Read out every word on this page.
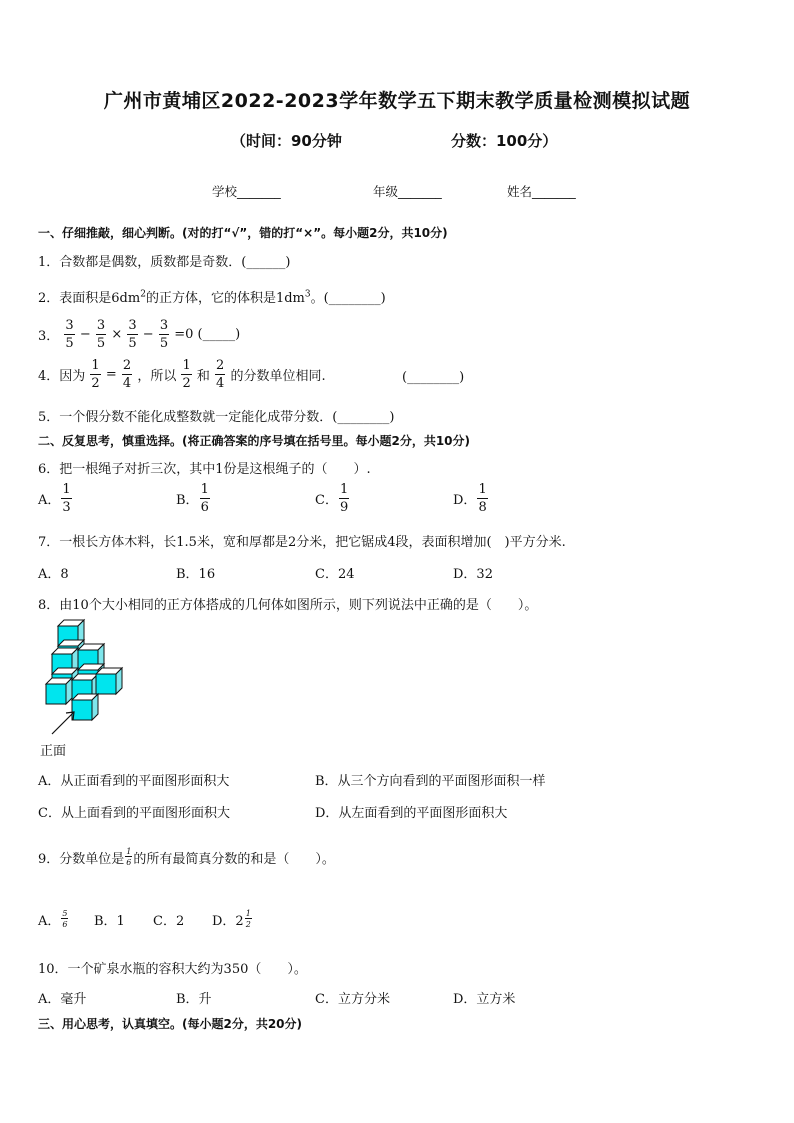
广州市黄埔区2022-2023学年数学五下期末教学质量检测模拟试题
（时间：90分钟	分数：100分）
学校_______	年级_______	姓名_______
一、仔细推敲，细心判断。(对的打“√”，错的打“×”。每小题2分，共10分)
1．合数都是偶数，质数都是奇数．(______)
2．表面积是$6dm^2$的正方体，它的体积是$1dm^3$。(________)
3． $\frac{3}{5} - \frac{3}{5} \times \frac{3}{5} - \frac{3}{5} =0$ (_____)
4．因为 $\frac{1}{2} = \frac{2}{4}$ ，所以 $\frac{1}{2}$ 和 $\frac{2}{4}$ 的分数单位相同.	(________)
5．一个假分数不能化成整数就一定能化成带分数．(________)
二、反复思考，慎重选择。(将正确答案的序号填在括号里。每小题2分，共10分)
6．把一根绳子对折三次，其中1份是这根绳子的（　　）.
A． $\frac{1}{3}$	B． $\frac{1}{6}$	C． $\frac{1}{9}$	D． $\frac{1}{8}$
7．一根长方体木料，长1.5米，宽和厚都是2分米，把它锯成4段，表面积增加(　)平方分米.
A．8	B．16	C．24	D．32
8．由10个大小相同的正方体搭成的几何体如图所示，则下列说法中正确的是（　　）。
正面
A．从正面看到的平面图形面积大	B．从三个方向看到的平面图形面积一样
C．从上面看到的平面图形面积大	D．从左面看到的平面图形面积大
9．分数单位是 $\frac{1}{6}$ 的所有最简真分数的和是（　　）。
A． $\frac{5}{6}$ B．1 C．2 D．$2 \frac{1}{2}$
10．一个矿泉水瓶的容积大约为350（　　）。
A．毫升	B．升	C．立方分米	D．立方米
三、用心思考，认真填空。(每小题2分，共20分)
